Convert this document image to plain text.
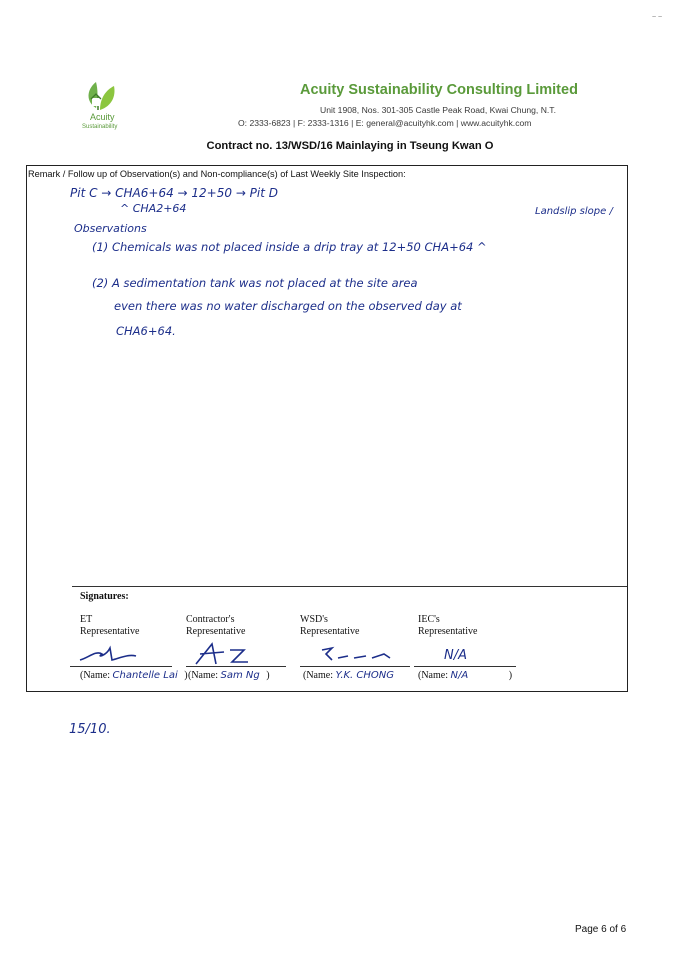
~ ~
Acuity
Sustainability
Acuity Sustainability Consulting Limited
Unit 1908, Nos. 301-305 Castle Peak Road, Kwai Chung, N.T.
O: 2333-6823 | F: 2333-1316 | E: general@acuityhk.com | www.acuityhk.com
Contract no. 13/WSD/16 Mainlaying in Tseung Kwan O
Remark / Follow up of Observation(s) and Non-compliance(s) of Last Weekly Site Inspection:
Pit C → CHA6+64 → 12+50 → Pit D
^ CHA2+64	Landslip slope /
Observations
(1) Chemicals was not placed inside a drip tray at 12+50 CHA+64 ^
(2) A sedimentation tank was not placed at the site area
even there was no water discharged on the observed day at
CHA6+64.
Signatures:
ET
Representative
(Name: Chantelle Lai )
Contractor's
Representative
(Name: Sam Ng )
WSD's
Representative
(Name: Y.K. CHONG
IEC's
Representative
N/A
(Name: N/A	)
15/10.
Page 6 of 6
